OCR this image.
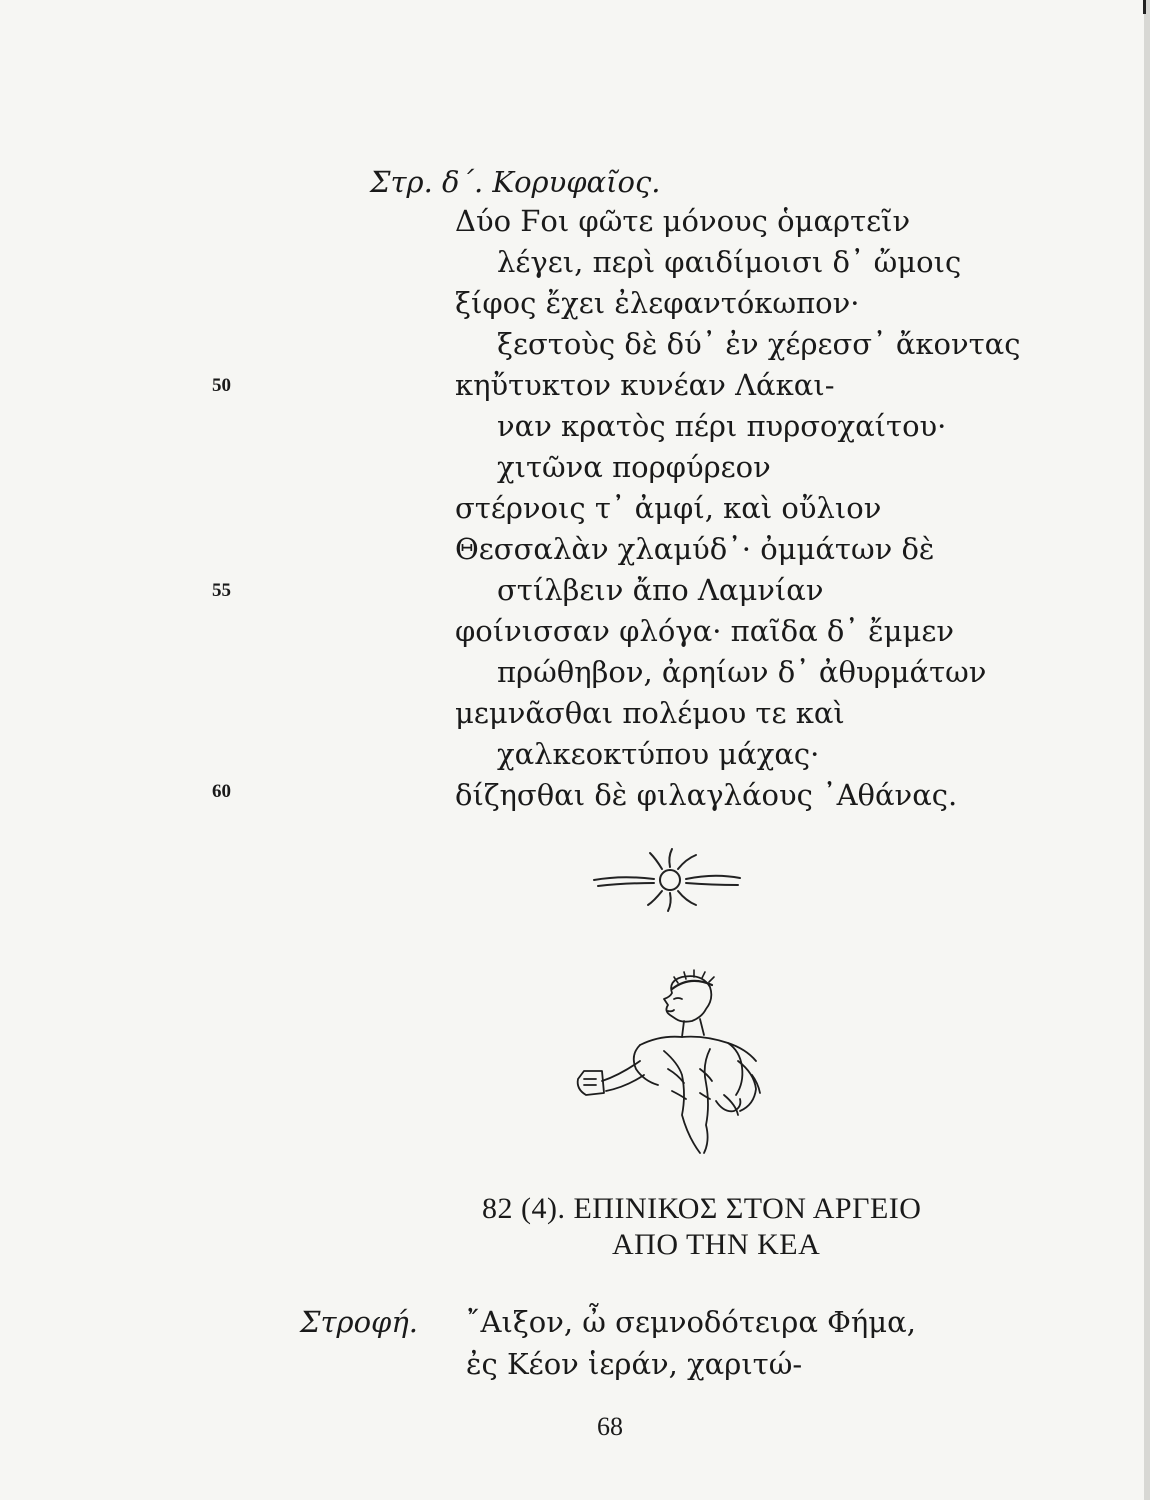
Στρ. δ΄. Κορυφαῖος.
Δύο Ϝοι φῶτε μόνους ὁμαρτεῖν
λέγει, περὶ φαιδίμοισι δ᾿ ὤμοις
ξίφος ἔχει ἐλεφαντόκωπον·
ξεστοὺς δὲ δύ᾿ ἐν χέρεσσ᾿ ἄκοντας
κηὔτυκτον κυνέαν Λάκαι-
ναν κρατὸς πέρι πυρσοχαίτου·
χιτῶνα πορφύρεον
στέρνοις τ᾿ ἀμφί, καὶ οὔλιον
Θεσσαλὰν χλαμύδ᾿· ὀμμάτων δὲ
στίλβειν ἄπο Λαμνίαν
φοίνισσαν φλόγα· παῖδα δ᾿ ἔμμεν
πρώθηβον, ἀρηίων δ᾿ ἀθυρμάτων
μεμνᾶσθαι πολέμου τε καὶ
χαλκεοκτύπου μάχας·
δίζησθαι δὲ φιλαγλάους ᾿Αθάνας.
50
55
60
82 (4). ΕΠΙΝΙΚΟΣ ΣΤΟΝ ΑΡΓΕΙΟ
ΑΠΟ ΤΗΝ ΚΕΑ
Στροφή. ῎Αιξον, ὦ σεμνοδότειρα Φήμα,
ἐς Κέον ἱεράν, χαριτώ-
68
